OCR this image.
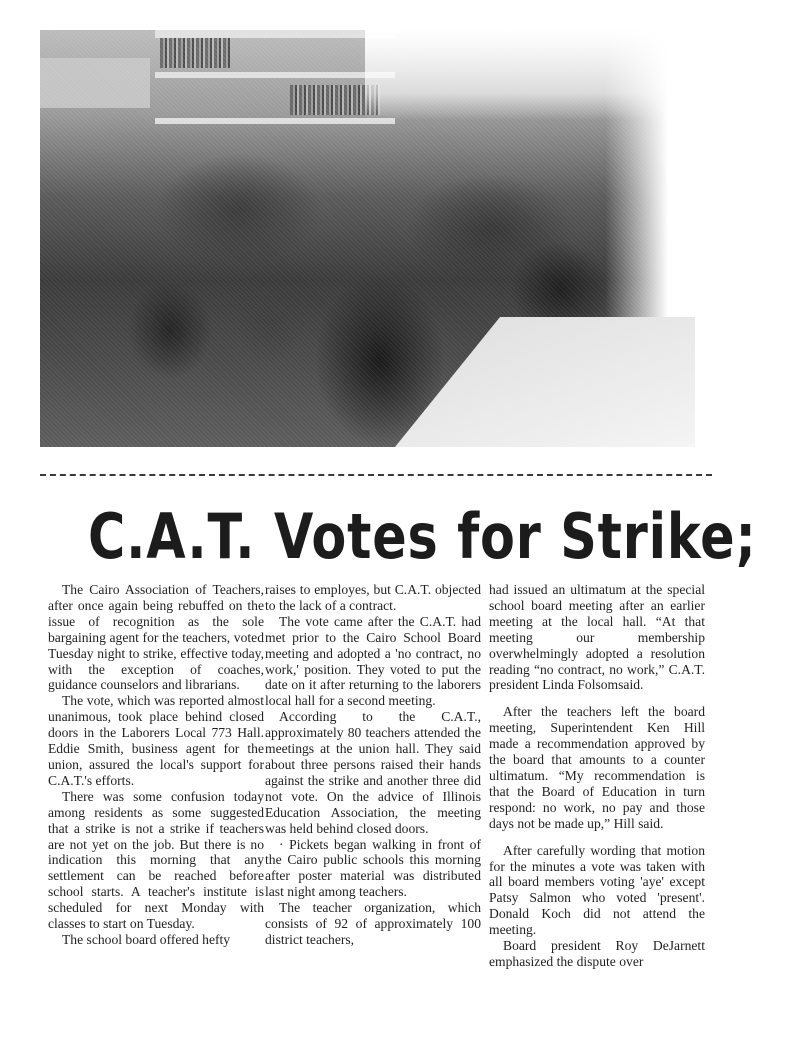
C.A.T. Votes for Strike;

The Cairo Association of Teachers, after once again being rebuffed on the issue of recognition as the sole bargaining agent for the teachers, voted Tuesday night to strike, effective today, with the exception of coaches, guidance counselors and librarians.

The vote, which was reported almost unanimous, took place behind closed doors in the Laborers Local 773 Hall. Eddie Smith, business agent for the union, assured the local's support for C.A.T.'s efforts.

There was some confusion today among residents as some suggested that a strike is not a strike if teachers are not yet on the job. But there is no indication this morning that any settlement can be reached before school starts. A teacher's institute is scheduled for next Monday with classes to start on Tuesday.

The school board offered hefty

raises to employes, but C.A.T. objected to the lack of a contract.

The vote came after the C.A.T. had met prior to the Cairo School Board meeting and adopted a 'no contract, no work,' position. They voted to put the date on it after returning to the laborers local hall for a second meeting.

According to the C.A.T., approximately 80 teachers attended the meetings at the union hall. They said about three persons raised their hands against the strike and another three did not vote. On the advice of Illinois Education Association, the meeting was held behind closed doors.

· Pickets began walking in front of the Cairo public schools this morning after poster material was distributed last night among teachers.

The teacher organization, which consists of 92 of approximately 100 district teachers,

had issued an ultimatum at the special school board meeting after an earlier meeting at the local hall. “At that meeting our membership overwhelmingly adopted a resolution reading “no contract, no work,” C.A.T. president Linda Folsomsaid.

After the teachers left the board meeting, Superintendent Ken Hill made a recommendation approved by the board that amounts to a counter ultimatum. “My recommendation is that the Board of Education in turn respond: no work, no pay and those days not be made up,” Hill said.

After carefully wording that motion for the minutes a vote was taken with all board members voting 'aye' except Patsy Salmon who voted 'present'. Donald Koch did not attend the meeting.

Board president Roy DeJarnett emphasized the dispute over
